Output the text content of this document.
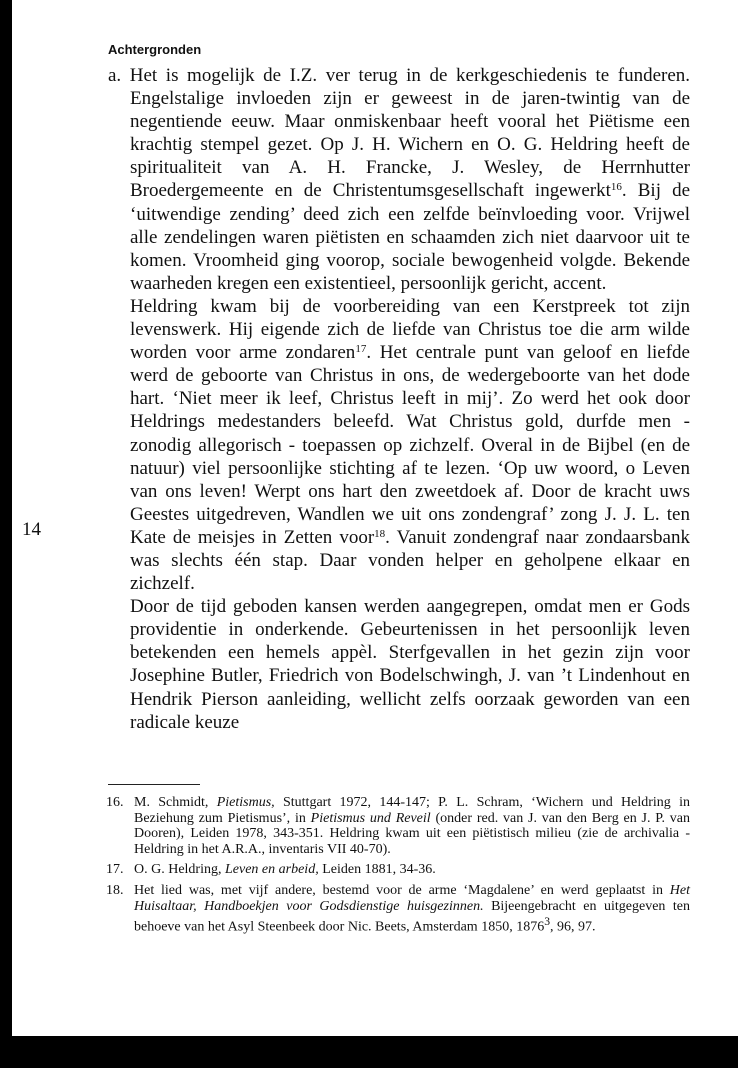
Achtergronden
14

a. Het is mogelijk de I.Z. ver terug in de kerkgeschiedenis te funderen. Engelstalige invloeden zijn er geweest in de jaren-twintig van de negentiende eeuw. Maar onmiskenbaar heeft vooral het Piëtisme een krachtig stempel gezet. Op J. H. Wichern en O. G. Heldring heeft de spiritualiteit van A. H. Francke, J. Wesley, de Herrnhutter Broedergemeente en de Christentumsgesellschaft ingewerkt$^{16}$. Bij de ‘uitwendige zending’ deed zich een zelfde beïnvloeding voor. Vrijwel alle zendelingen waren piëtisten en schaamden zich niet daarvoor uit te komen. Vroomheid ging voorop, sociale bewogenheid volgde. Bekende waarheden kregen een existentieel, persoonlijk gericht, accent.

Heldring kwam bij de voorbereiding van een Kerstpreek tot zijn levenswerk. Hij eigende zich de liefde van Christus toe die arm wilde worden voor arme zondaren$^{17}$. Het centrale punt van geloof en liefde werd de geboorte van Christus in ons, de wedergeboorte van het dode hart. ‘Niet meer ik leef, Christus leeft in mij’. Zo werd het ook door Heldrings medestanders beleefd. Wat Christus gold, durfde men - zonodig allegorisch - toepassen op zichzelf. Overal in de Bijbel (en de natuur) viel persoonlijke stichting af te lezen. ‘Op uw woord, o Leven van ons leven! Werpt ons hart den zweetdoek af. Door de kracht uws Geestes uitgedreven, Wandlen we uit ons zondengraf’ zong J. J. L. ten Kate de meisjes in Zetten voor$^{18}$. Vanuit zondengraf naar zondaarsbank was slechts één stap. Daar vonden helper en geholpene elkaar en zichzelf.

Door de tijd geboden kansen werden aangegrepen, omdat men er Gods providentie in onderkende. Gebeurtenissen in het persoonlijk leven betekenden een hemels appèl. Sterfgevallen in het gezin zijn voor Josephine Butler, Friedrich von Bodelschwingh, J. van ’t Lindenhout en Hendrik Pierson aanleiding, wellicht zelfs oorzaak geworden van een radicale keuze

16. M. Schmidt, Pietismus, Stuttgart 1972, 144-147; P. L. Schram, ‘Wichern und Heldring in Beziehung zum Pietismus’, in Pietismus und Reveil (onder red. van J. van den Berg en J. P. van Dooren), Leiden 1978, 343-351. Heldring kwam uit een piëtistisch milieu (zie de archivalia - Heldring in het A.R.A., inventaris VII 40-70).
17. O. G. Heldring, Leven en arbeid, Leiden 1881, 34-36.
18. Het lied was, met vijf andere, bestemd voor de arme ‘Magdalene’ en werd geplaatst in Het Huisaltaar, Handboekjen voor Godsdienstige huisgezinnen. Bijeengebracht en uitgegeven ten behoeve van het Asyl Steenbeek door Nic. Beets, Amsterdam 1850, 1876$^3$, 96, 97.
